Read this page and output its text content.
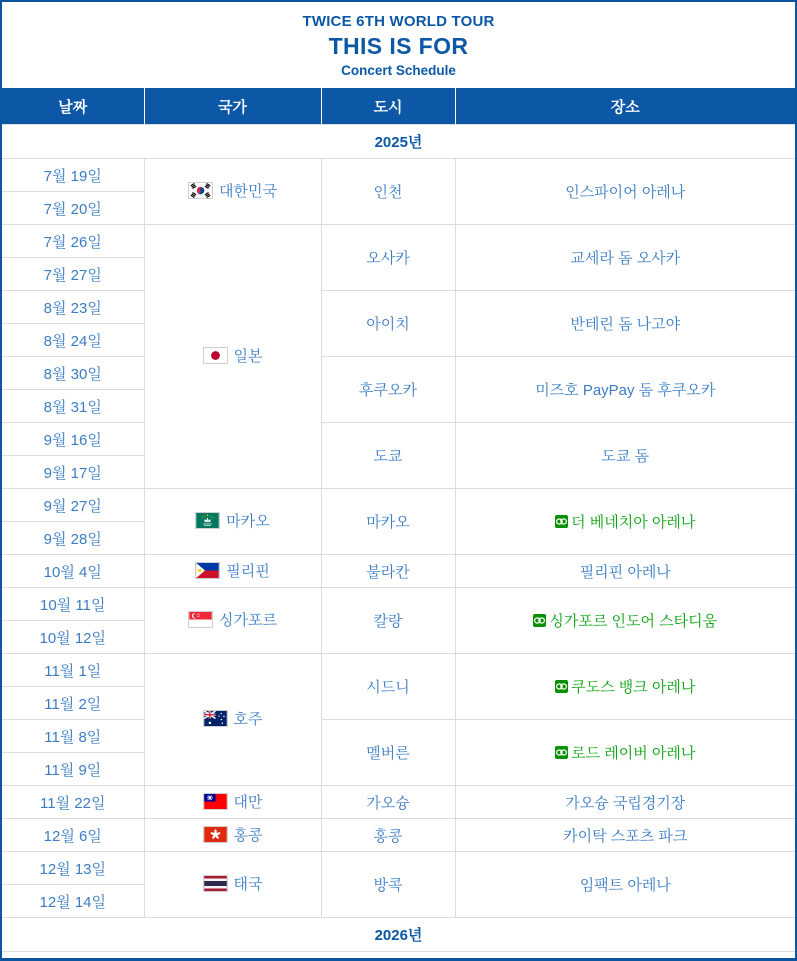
TWICE 6TH WORLD TOUR
THIS IS FOR
Concert Schedule
날짜	국가	도시	장소
2025년			
7월 19일	대한민국	인천	인스파이어 아레나
7월 20일			
7월 26일	일본	오사카	교세라 돔 오사카
7월 27일			
8월 23일		아이치	반테린 돔 나고야
8월 24일			
8월 30일		후쿠오카	미즈호 PayPay 돔 후쿠오카
8월 31일			
9월 16일		도쿄	도쿄 돔
9월 17일			
9월 27일	마카오	마카오	더 베네치아 아레나

9월 28일			
10월 4일	필리핀	불라칸	필리핀 아레나
10월 11일	싱가포르	칼랑	싱가포르 인도어 스타디움

10월 12일			
11월 1일	호주	시드니	쿠도스 뱅크 아레나

11월 2일			
11월 8일		멜버른	로드 레이버 아레나

11월 9일			
11월 22일	대만	가오슝	가오슝 국립경기장
12월 6일	홍콩	홍콩	카이탁 스포츠 파크
12월 13일	태국	방콕	임팩트 아레나
12월 14일			
2026년			
